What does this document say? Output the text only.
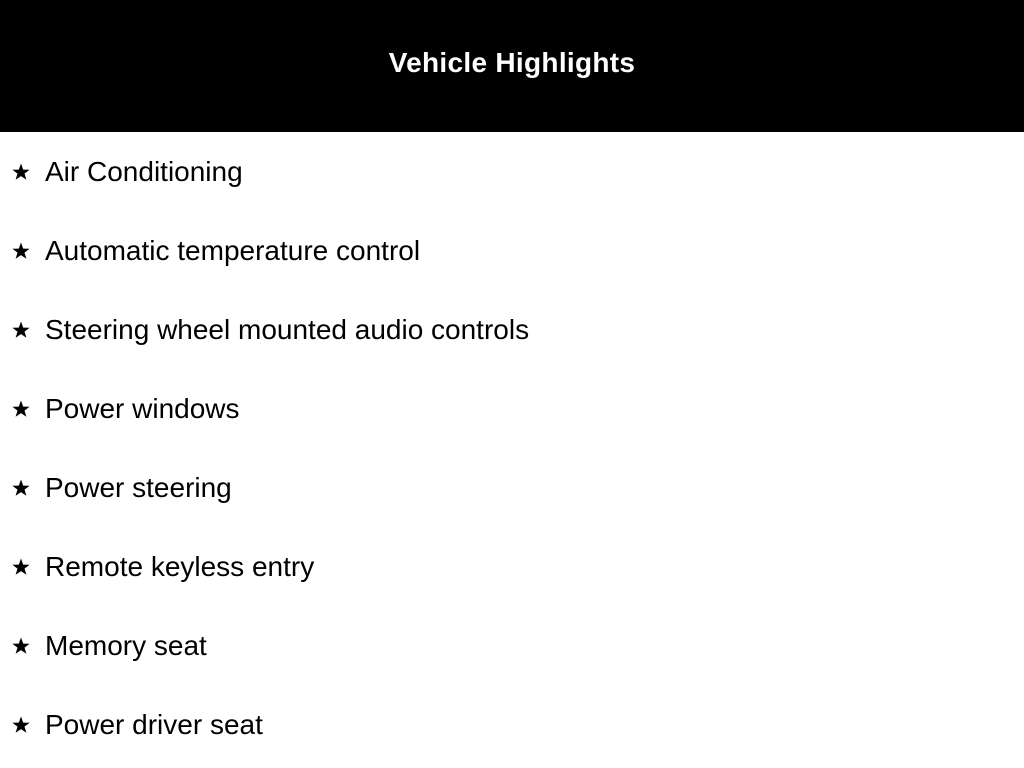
Vehicle Highlights
Air Conditioning
Automatic temperature control
Steering wheel mounted audio controls
Power windows
Power steering
Remote keyless entry
Memory seat
Power driver seat
